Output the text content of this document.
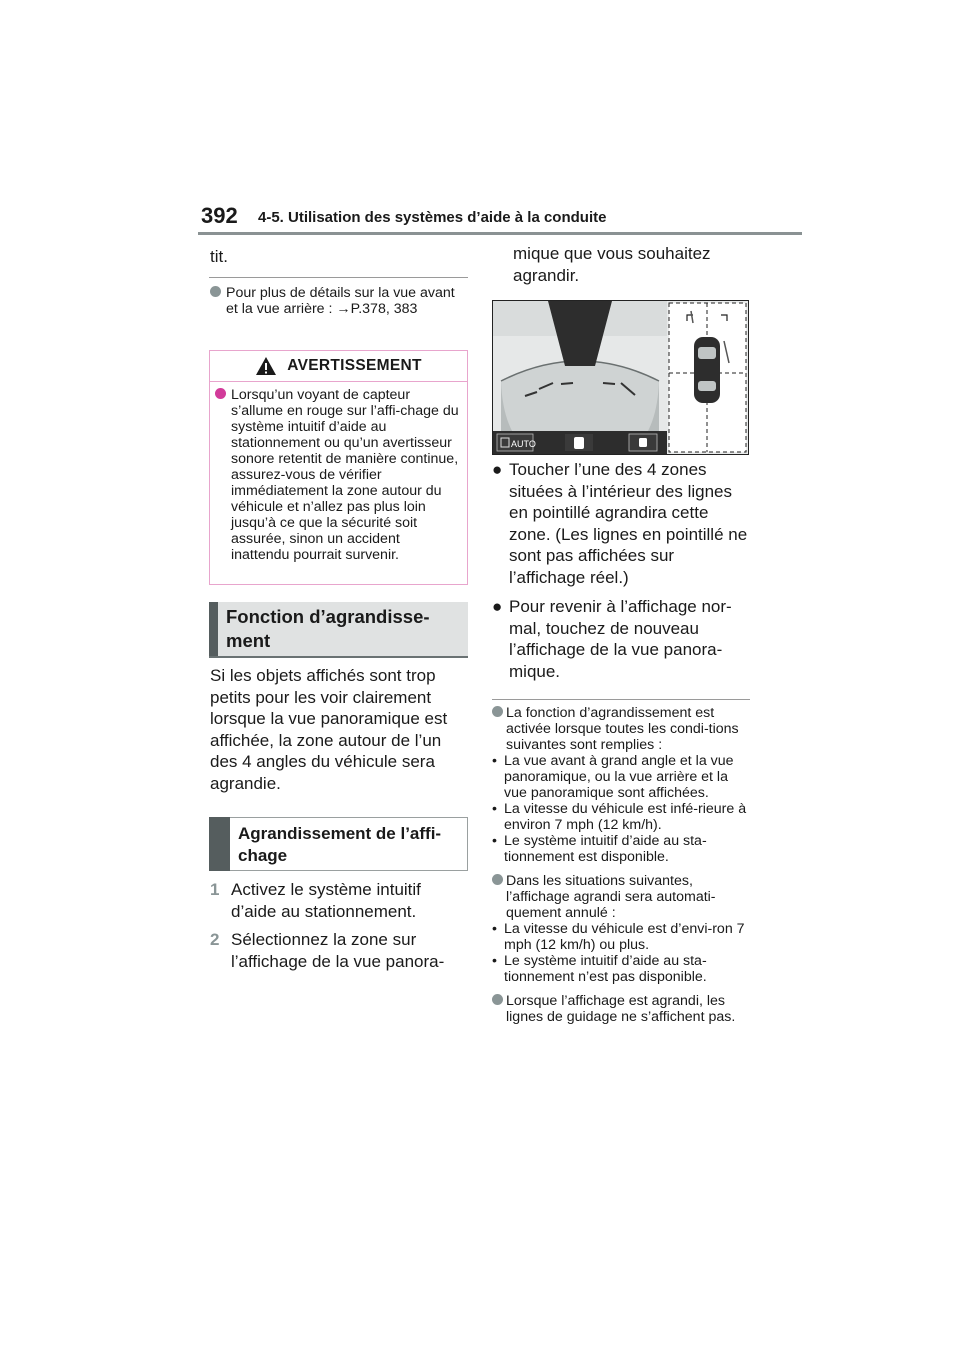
392 4-5. Utilisation des systèmes d’aide à la conduite
tit.
Pour plus de détails sur la vue avant et la vue arrière : →P.378, 383
AVERTISSEMENT
Lorsqu’un voyant de capteur s’allume en rouge sur l’affi-chage du système intuitif d’aide au stationnement ou qu’un avertisseur sonore retentit de manière continue, assurez-vous de vérifier immédiatement la zone autour du véhicule et n’allez pas plus loin jusqu’à ce que la sécurité soit assurée, sinon un accident inattendu pourrait survenir.
Fonction d’agrandisse-ment
Si les objets affichés sont trop petits pour les voir clairement lorsque la vue panoramique est affichée, la zone autour de l’un des 4 angles du véhicule sera agrandie.
Agrandissement de l’affi-chage
1 Activez le système intuitif d’aide au stationnement.
2 Sélectionnez la zone sur l’affichage de la vue panora-
mique que vous souhaitez agrandir.
AUTO
● Toucher l’une des 4 zones situées à l’intérieur des lignes en pointillé agrandira cette zone. (Les lignes en pointillé ne sont pas affichées sur l’affichage réel.)
● Pour revenir à l’affichage nor-mal, touchez de nouveau l’affichage de la vue panora-mique.
La fonction d’agrandissement est activée lorsque toutes les condi-tions suivantes sont remplies :
• La vue avant à grand angle et la vue panoramique, ou la vue arrière et la vue panoramique sont affichées.
• La vitesse du véhicule est infé-rieure à environ 7 mph (12 km/h).
• Le système intuitif d’aide au sta-tionnement est disponible.
Dans les situations suivantes, l’affichage agrandi sera automati-quement annulé :
• La vitesse du véhicule est d’envi-ron 7 mph (12 km/h) ou plus.
• Le système intuitif d’aide au sta-tionnement n’est pas disponible.
Lorsque l’affichage est agrandi, les lignes de guidage ne s’affichent pas.
